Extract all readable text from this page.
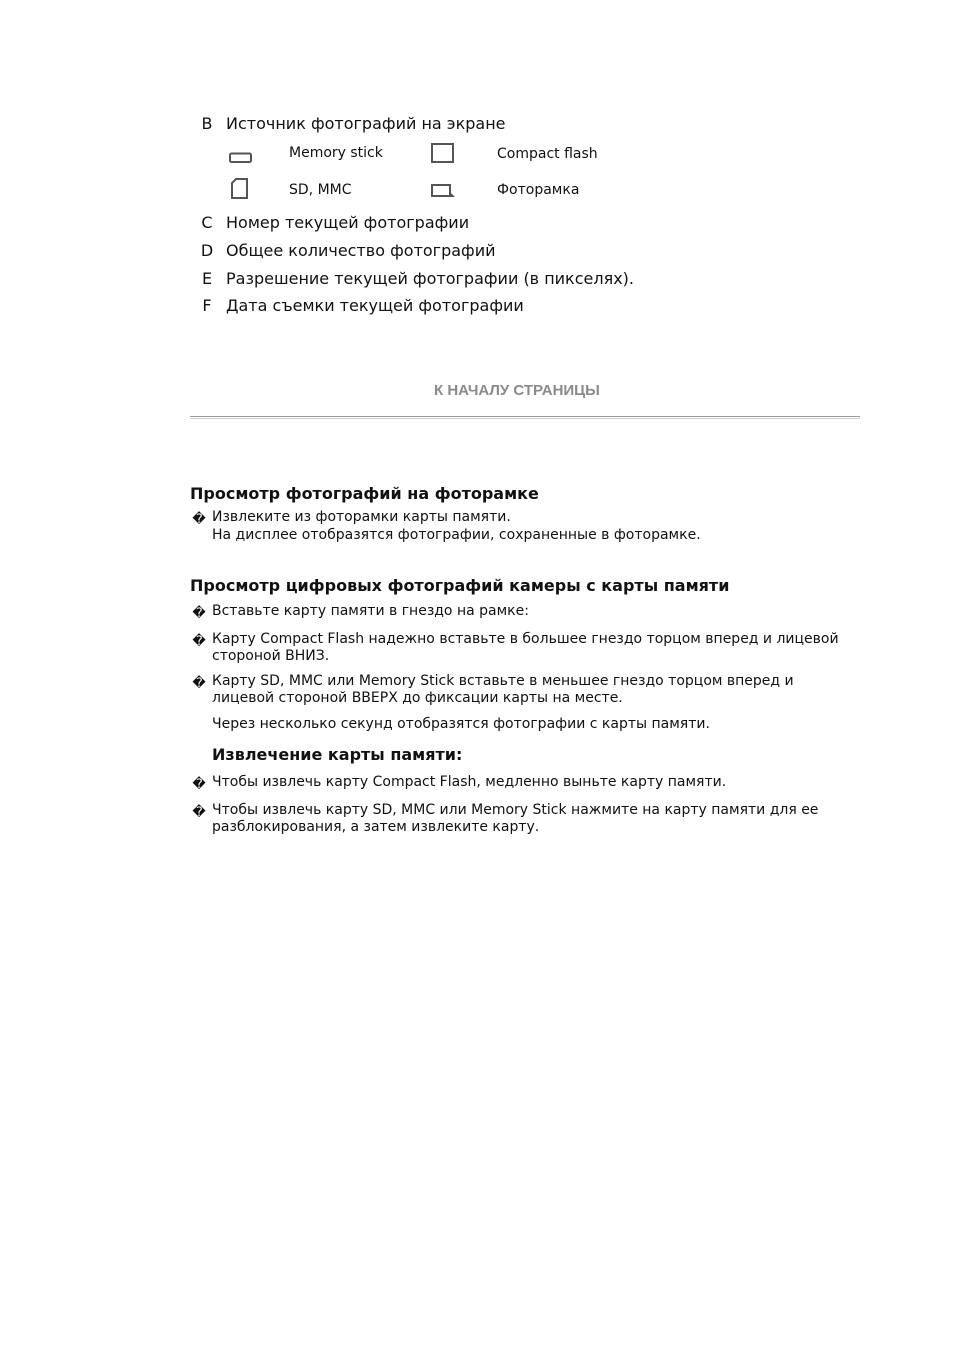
B Источник фотографий на экране
Memory stick	Compact flash
SD, MMC	Фоторамка
C Номер текущей фотографии
D Общее количество фотографий
E Разрешение текущей фотографии (в пикселях).
F Дата съемки текущей фотографии
К НАЧАЛУ СТРАНИЦЫ
Просмотр фотографий на фоторамке
� Извлеките из фоторамки карты памяти.
На дисплее отобразятся фотографии, сохраненные в фоторамке.
Просмотр цифровых фотографий камеры с карты памяти
� Вставьте карту памяти в гнездо на рамке:
� Карту Compact Flash надежно вставьте в большее гнездо торцом вперед и лицевой стороной ВНИЗ.
� Карту SD, MMC или Memory Stick вставьте в меньшее гнездо торцом вперед и лицевой стороной ВВЕРХ до фиксации карты на месте.
Через несколько секунд отобразятся фотографии с карты памяти.
Извлечение карты памяти:
� Чтобы извлечь карту Compact Flash, медленно выньте карту памяти.
� Чтобы извлечь карту SD, MMC или Memory Stick нажмите на карту памяти для ее разблокирования, а затем извлеките карту.
